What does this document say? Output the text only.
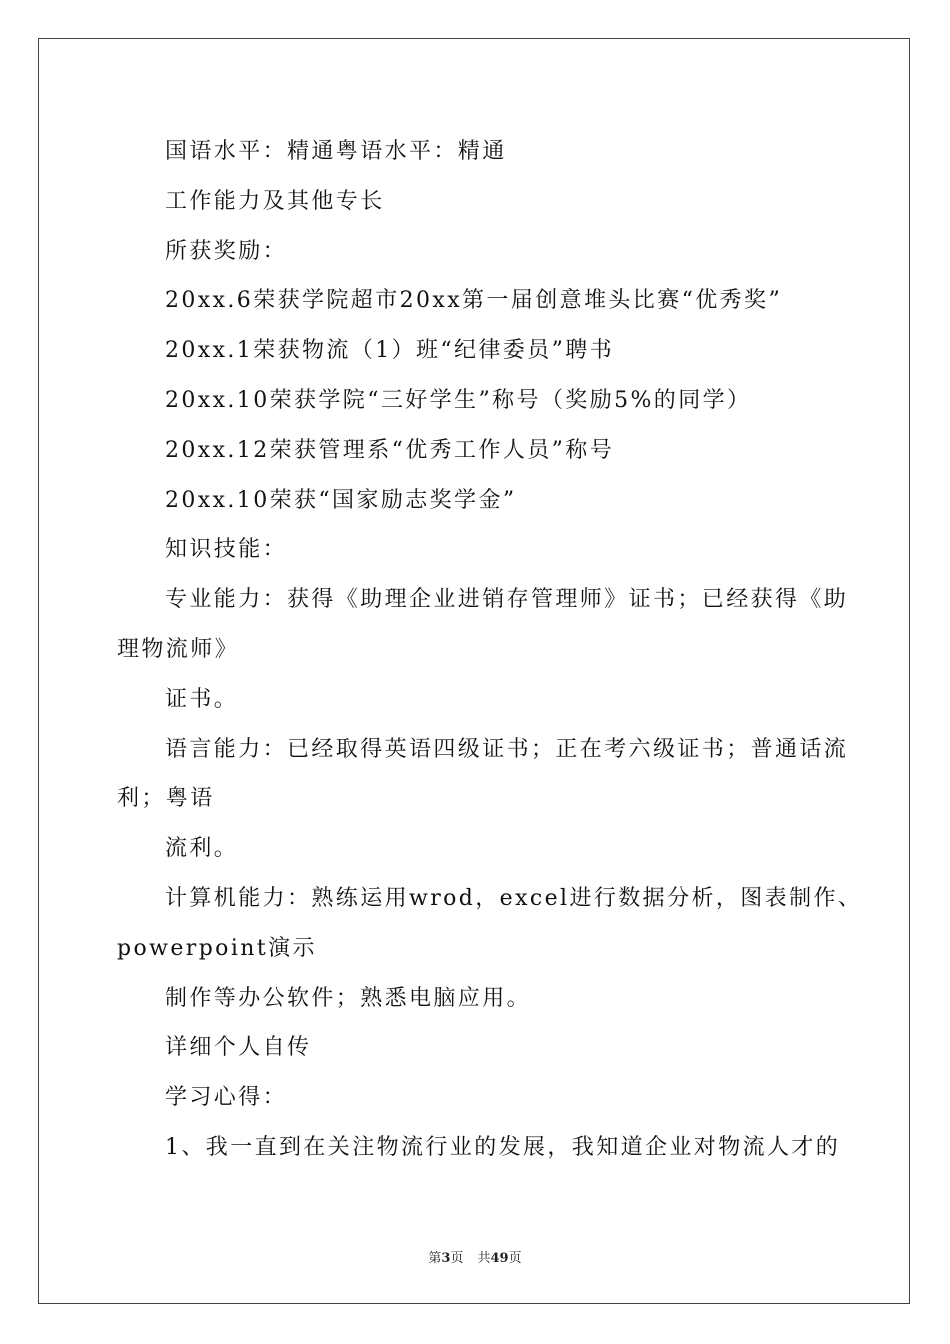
国语水平：精通粤语水平：精通

工作能力及其他专长

所获奖励：

20xx.6荣获学院超市20xx第一届创意堆头比赛“优秀奖”

20xx.1荣获物流（1）班“纪律委员”聘书

20xx.10荣获学院“三好学生”称号（奖励5%的同学）

20xx.12荣获管理系“优秀工作人员”称号

20xx.10荣获“国家励志奖学金”

知识技能：

专业能力：获得《助理企业进销存管理师》证书；已经获得《助

理物流师》

证书。

语言能力：已经取得英语四级证书；正在考六级证书；普通话流

利；粤语

流利。

计算机能力：熟练运用wrod，excel进行数据分析，图表制作、

powerpoint演示

制作等办公软件；熟悉电脑应用。

详细个人自传

学习心得：

1、我一直到在关注物流行业的发展，我知道企业对物流人才的

第3页 共49页
